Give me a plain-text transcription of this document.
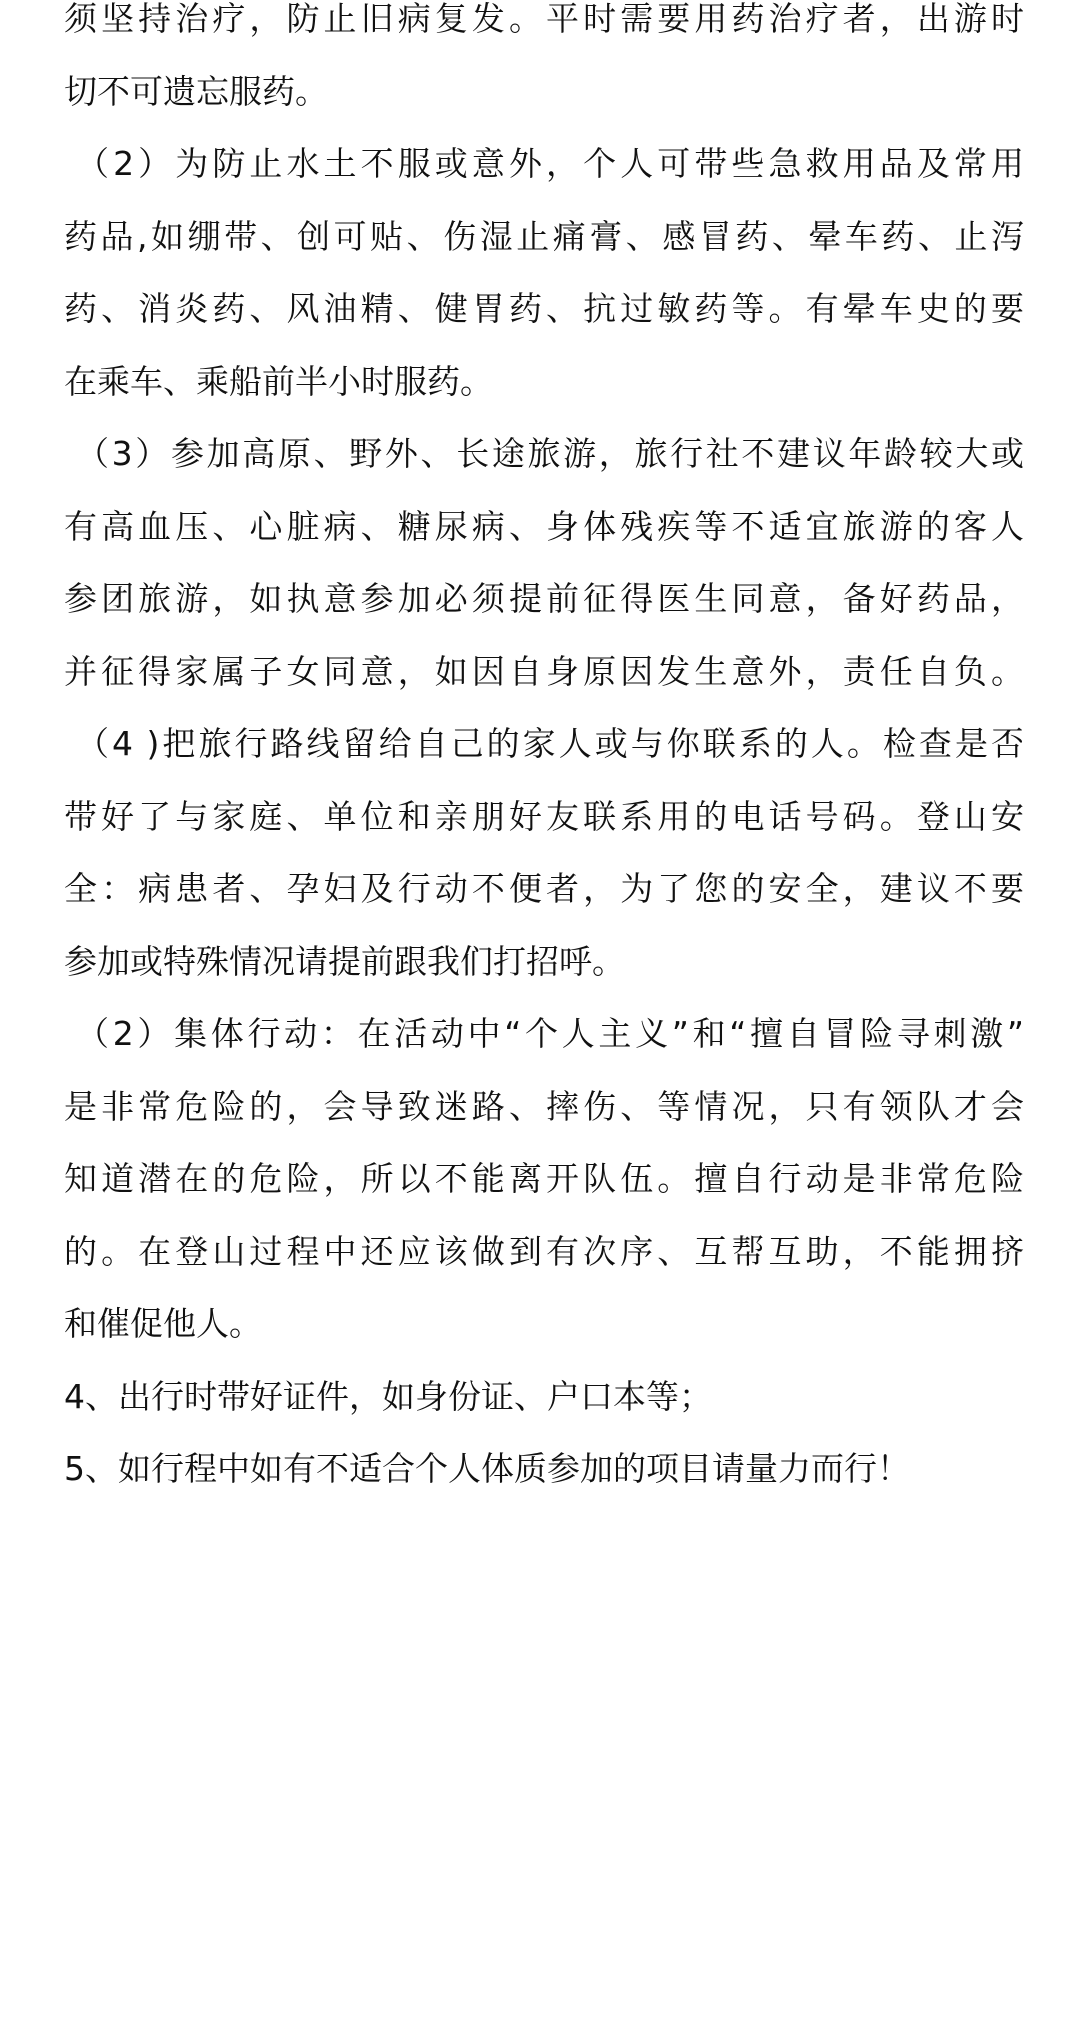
须坚持治疗，防止旧病复发。平时需要用药治疗者，出游时
切不可遗忘服药。
（2）为防止水土不服或意外，个人可带些急救用品及常用
药品,如绷带、创可贴、伤湿止痛膏、感冒药、晕车药、止泻
药、消炎药、风油精、健胃药、抗过敏药等。有晕车史的要
在乘车、乘船前半小时服药。
（3）参加高原、野外、长途旅游，旅行社不建议年龄较大或
有高血压、心脏病、糖尿病、身体残疾等不适宜旅游的客人
参团旅游，如执意参加必须提前征得医生同意，备好药品，
并征得家属子女同意，如因自身原因发生意外，责任自负。
（4 )把旅行路线留给自己的家人或与你联系的人。检查是否
带好了与家庭、单位和亲朋好友联系用的电话号码。登山安
全：病患者、孕妇及行动不便者，为了您的安全，建议不要
参加或特殊情况请提前跟我们打招呼。
（2）集体行动：在活动中“个人主义”和“擅自冒险寻刺激”
是非常危险的，会导致迷路、摔伤、等情况，只有领队才会
知道潜在的危险，所以不能离开队伍。擅自行动是非常危险
的。在登山过程中还应该做到有次序、互帮互助，不能拥挤
和催促他人。
4、出行时带好证件，如身份证、户口本等；
5、如行程中如有不适合个人体质参加的项目请量力而行！
